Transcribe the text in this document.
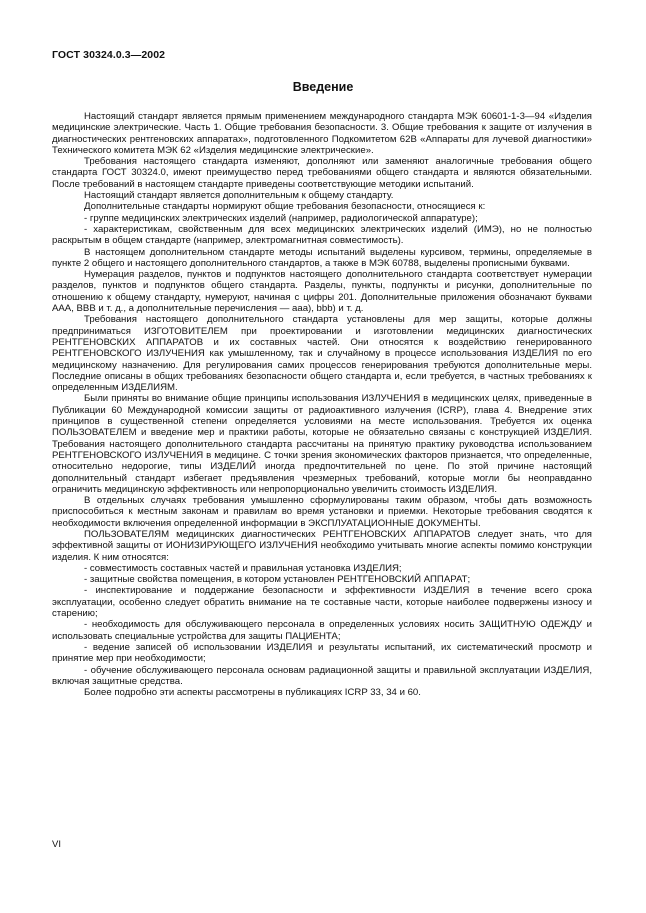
ГОСТ 30324.0.3—2002
Введение

Настоящий стандарт является прямым применением международного стандарта МЭК 60601-1-3—94 «Изделия медицинские электрические. Часть 1. Общие требования безопасности. 3. Общие требования к защите от излучения в диагностических рентгеновских аппаратах», подготовленного Подкомитетом 62В «Аппараты для лучевой диагностики» Технического комитета МЭК 62 «Изделия медицинские электрические».

Требования настоящего стандарта изменяют, дополняют или заменяют аналогичные требования общего стандарта ГОСТ 30324.0, имеют преимущество перед требованиями общего стандарта и являются обязательными. После требований в настоящем стандарте приведены соответствующие методики испытаний.

Настоящий стандарт является дополнительным к общему стандарту.

Дополнительные стандарты нормируют общие требования безопасности, относящиеся к:

- группе медицинских электрических изделий (например, радиологической аппаратуре);

- характеристикам, свойственным для всех медицинских электрических изделий (ИМЭ), но не полностью раскрытым в общем стандарте (например, электромагнитная совместимость).

В настоящем дополнительном стандарте методы испытаний выделены курсивом, термины, определяемые в пункте 2 общего и настоящего дополнительного стандартов, а также в МЭК 60788, выделены прописными буквами.

Нумерация разделов, пунктов и подпунктов настоящего дополнительного стандарта соответствует нумерации разделов, пунктов и подпунктов общего стандарта. Разделы, пункты, подпункты и рисунки, дополнительные по отношению к общему стандарту, нумеруют, начиная с цифры 201. Дополнительные приложения обозначают буквами ААА, ВВВ и т. д., а дополнительные перечисления — ааа), bbb) и т. д.

Требования настоящего дополнительного стандарта установлены для мер защиты, которые должны предприниматься ИЗГОТОВИТЕЛЕМ при проектировании и изготовлении медицинских диагностических РЕНТГЕНОВСКИХ АППАРАТОВ и их составных частей. Они относятся к воздействию генерированного РЕНТГЕНОВСКОГО ИЗЛУЧЕНИЯ как умышленному, так и случайному в процессе использования ИЗДЕЛИЯ по его медицинскому назначению. Для регулирования самих процессов генерирования требуются дополнительные меры. Последние описаны в общих требованиях безопасности общего стандарта и, если требуется, в частных требованиях к определенным ИЗДЕЛИЯМ.

Были приняты во внимание общие принципы использования ИЗЛУЧЕНИЯ в медицинских целях, приведенные в Публикации 60 Международной комиссии защиты от радиоактивного излучения (ICRP), глава 4. Внедрение этих принципов в существенной степени определяется условиями на месте использования. Требуется их оценка ПОЛЬЗОВАТЕЛЕМ и введение мер и практики работы, которые не обязательно связаны с конструкцией ИЗДЕЛИЯ. Требования настоящего дополнительного стандарта рассчитаны на принятую практику руководства использованием РЕНТГЕНОВСКОГО ИЗЛУЧЕНИЯ в медицине. С точки зрения экономических факторов признается, что определенные, относительно недорогие, типы ИЗДЕЛИЙ иногда предпочтительней по цене. По этой причине настоящий дополнительный стандарт избегает предъявления чрезмерных требований, которые могли бы неоправданно ограничить медицинскую эффективность или непропорционально увеличить стоимость ИЗДЕЛИЯ.

В отдельных случаях требования умышленно сформулированы таким образом, чтобы дать возможность приспособиться к местным законам и правилам во время установки и приемки. Некоторые требования сводятся к необходимости включения определенной информации в ЭКСПЛУАТАЦИОННЫЕ ДОКУМЕНТЫ.

ПОЛЬЗОВАТЕЛЯМ медицинских диагностических РЕНТГЕНОВСКИХ АППАРАТОВ следует знать, что для эффективной защиты от ИОНИЗИРУЮЩЕГО ИЗЛУЧЕНИЯ необходимо учитывать многие аспекты помимо конструкции изделия. К ним относятся:

- совместимость составных частей и правильная установка ИЗДЕЛИЯ;

- защитные свойства помещения, в котором установлен РЕНТГЕНОВСКИЙ АППАРАТ;

- инспектирование и поддержание безопасности и эффективности ИЗДЕЛИЯ в течение всего срока эксплуатации, особенно следует обратить внимание на те составные части, которые наиболее подвержены износу и старению;

- необходимость для обслуживающего персонала в определенных условиях носить ЗАЩИТНУЮ ОДЕЖДУ и использовать специальные устройства для защиты ПАЦИЕНТА;

- ведение записей об использовании ИЗДЕЛИЯ и результаты испытаний, их систематический просмотр и принятие мер при необходимости;

- обучение обслуживающего персонала основам радиационной защиты и правильной эксплуатации ИЗДЕЛИЯ, включая защитные средства.

Более подробно эти аспекты рассмотрены в публикациях ICRP 33, 34 и 60.

VI
